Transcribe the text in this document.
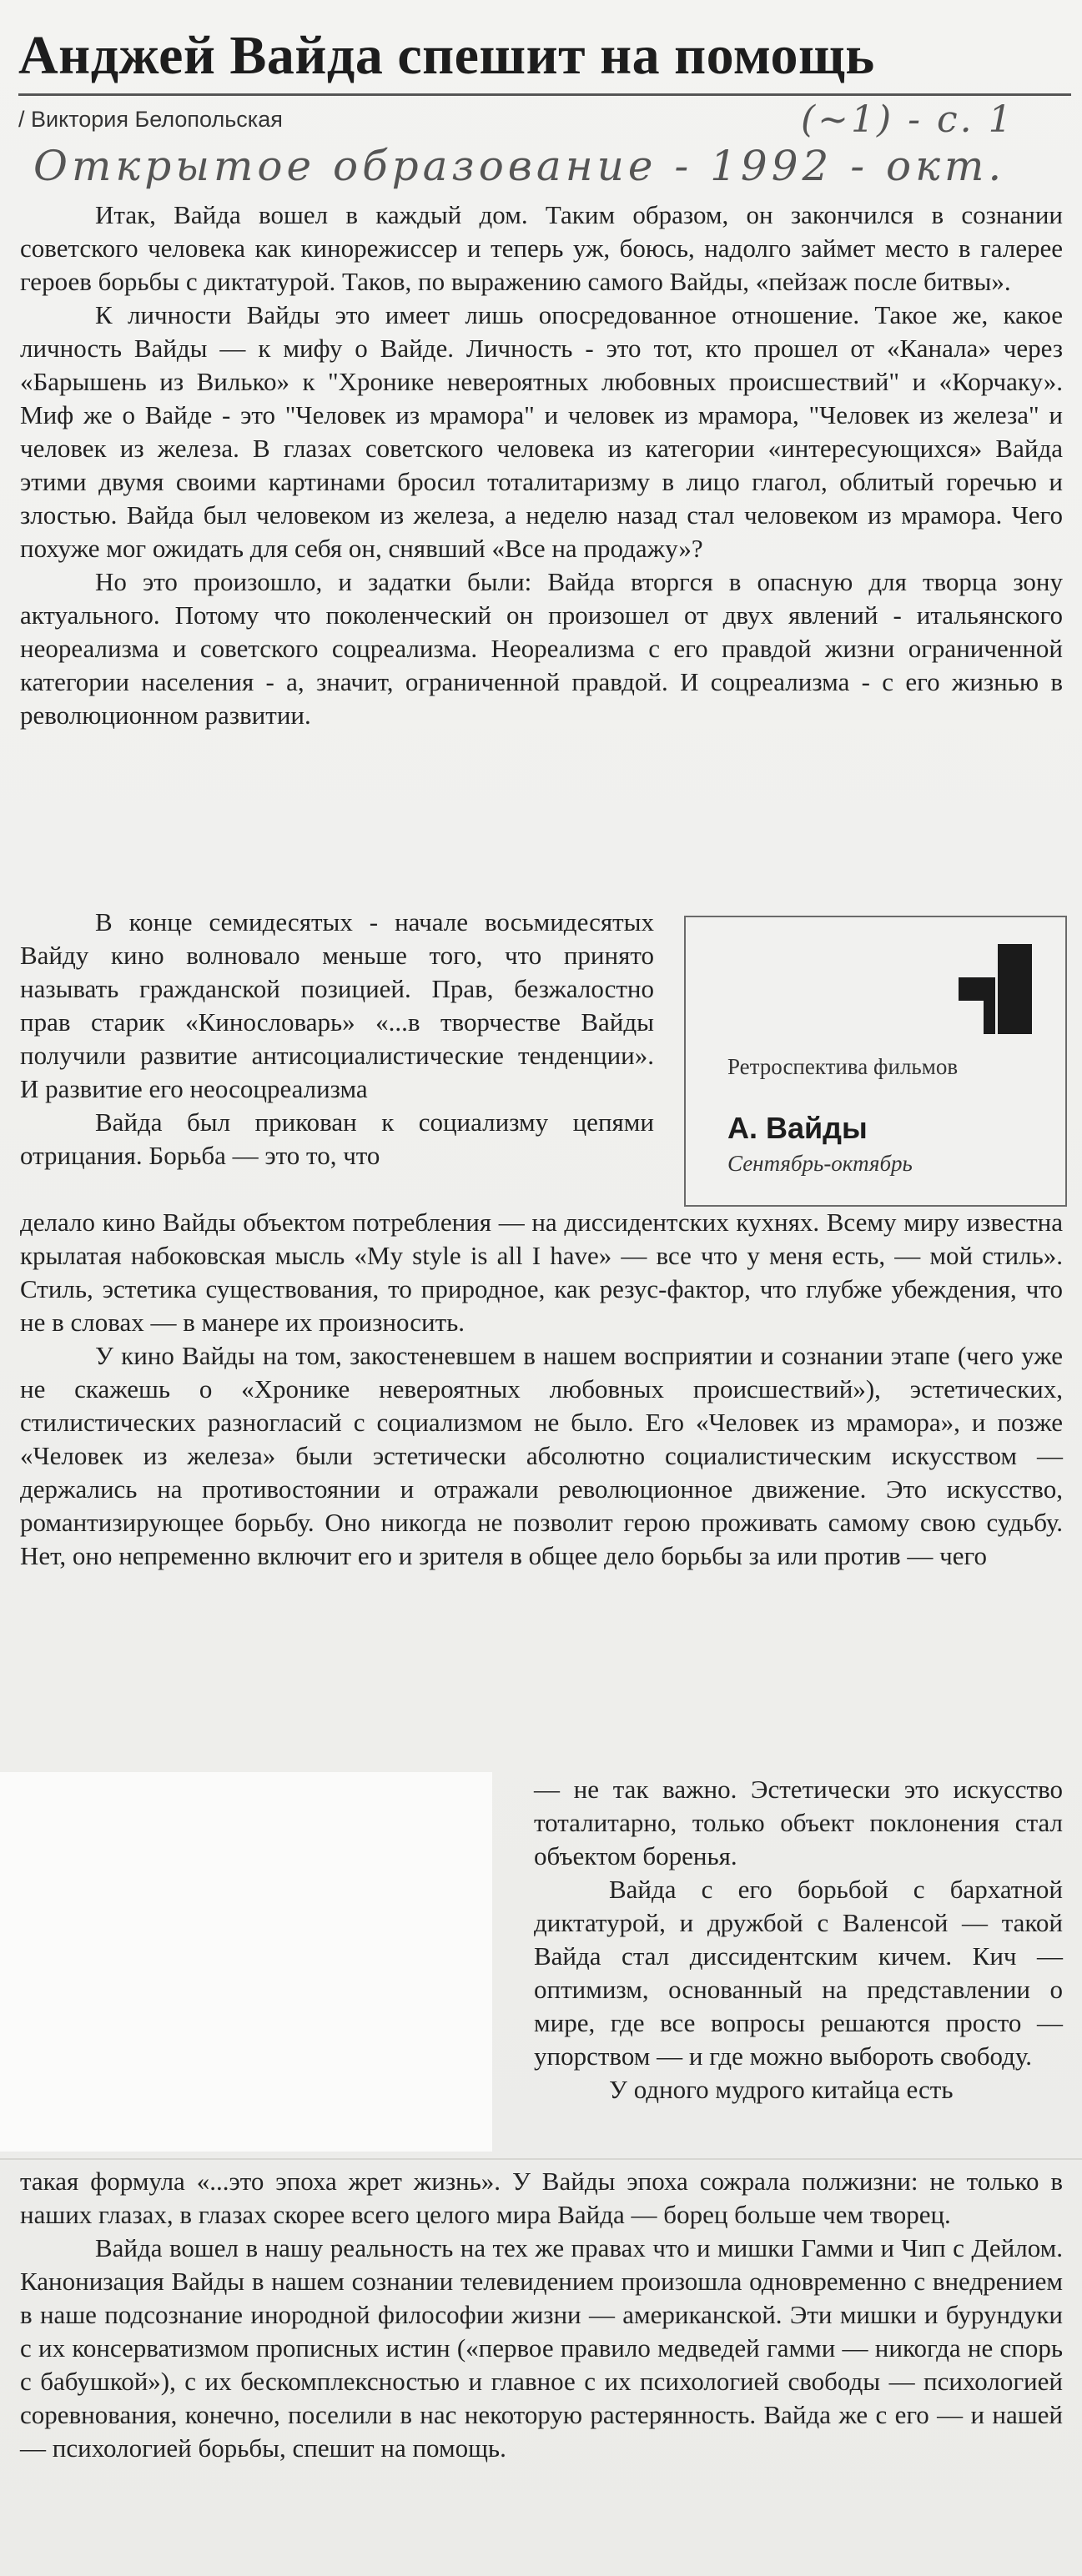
Анджей Вайда спешит на помощь
/ Виктория Белопольская	(~1) - с. 1
Открытое образование - 1992 - окт.

Итак, Вайда вошел в каждый дом. Таким образом, он закончился в сознании советского человека как кинорежиссер и теперь уж, боюсь, надолго займет место в галерее героев борьбы с диктатурой. Таков, по выражению самого Вайды, «пейзаж после битвы».

К личности Вайды это имеет лишь опосредованное отношение. Такое же, какое личность Вайды — к мифу о Вайде. Личность - это тот, кто прошел от «Канала» через «Барышень из Вилько» к "Хронике невероятных любовных происшествий" и «Корчаку». Миф же о Вайде - это "Человек из мрамора" и человек из мрамора, "Человек из железа" и человек из железа. В глазах советского человека из категории «интересующихся» Вайда этими двумя своими картинами бросил тоталитаризму в лицо глагол, облитый горечью и злостью. Вайда был человеком из железа, а неделю назад стал человеком из мрамора. Чего похуже мог ожидать для себя он, снявший «Все на продажу»?

Но это произошло, и задатки были: Вайда вторгся в опасную для творца зону актуального. Потому что поколенческий он произошел от двух явлений - итальянского неореализма и советского соцреализма. Неореализма с его правдой жизни ограниченной категории населения - а, значит, ограниченной правдой. И соцреализма - с его жизнью в революционном развитии.

В конце семидесятых - начале восьмидесятых Вайду кино волновало меньше того, что принято называть гражданской позицией. Прав, безжалостно прав старик «Кинословарь» «...в творчестве Вайды получили развитие антисоциалистические тенденции». И развитие его неосоцреализма

Вайда был прикован к социализму цепями отрицания. Борьба — это то, что

Ретроспектива фильмов
А. Вайды
Сентябрь-октябрь

делало кино Вайды объектом потребления — на диссидентских кухнях. Всему миру известна крылатая набоковская мысль «My style is all I have» — все что у меня есть, — мой стиль». Стиль, эстетика существования, то природное, как резус-фактор, что глубже убеждения, что не в словах — в манере их произносить.

У кино Вайды на том, закостеневшем в нашем восприятии и сознании этапе (чего уже не скажешь о «Хронике невероятных любовных происшествий»), эстетических, стилистических разногласий с социализмом не было. Его «Человек из мрамора», и позже «Человек из железа» были эстетически абсолютно социалистическим искусством — держались на противостоянии и отражали революционное движение. Это искусство, романтизирующее борьбу. Оно никогда не позволит герою проживать самому свою судьбу. Нет, оно непременно включит его и зрителя в общее дело борьбы за или против — чего

— не так важно. Эстетически это искусство тоталитарно, только объект поклонения стал объектом боренья.

Вайда с его борьбой с бархатной диктатурой, и дружбой с Валенсой — такой Вайда стал диссидентским кичем. Кич — оптимизм, основанный на представлении о мире, где все вопросы решаются просто — упорством — и где можно выбороть свободу.

У одного мудрого китайца есть

такая формула «...это эпоха жрет жизнь». У Вайды эпоха сожрала полжизни: не только в наших глазах, в глазах скорее всего целого мира Вайда — борец больше чем творец.

Вайда вошел в нашу реальность на тех же правах что и мишки Гамми и Чип с Дейлом. Канонизация Вайды в нашем сознании телевидением произошла одновременно с внедрением в наше подсознание инородной философии жизни — американской. Эти мишки и бурундуки с их консерватизмом прописных истин («первое правило медведей гамми — никогда не спорь с бабушкой»), с их бескомплексностью и главное с их психологией свободы — психологией соревнования, конечно, поселили в нас некоторую растерянность. Вайда же с его — и нашей — психологией борьбы, спешит на помощь.
